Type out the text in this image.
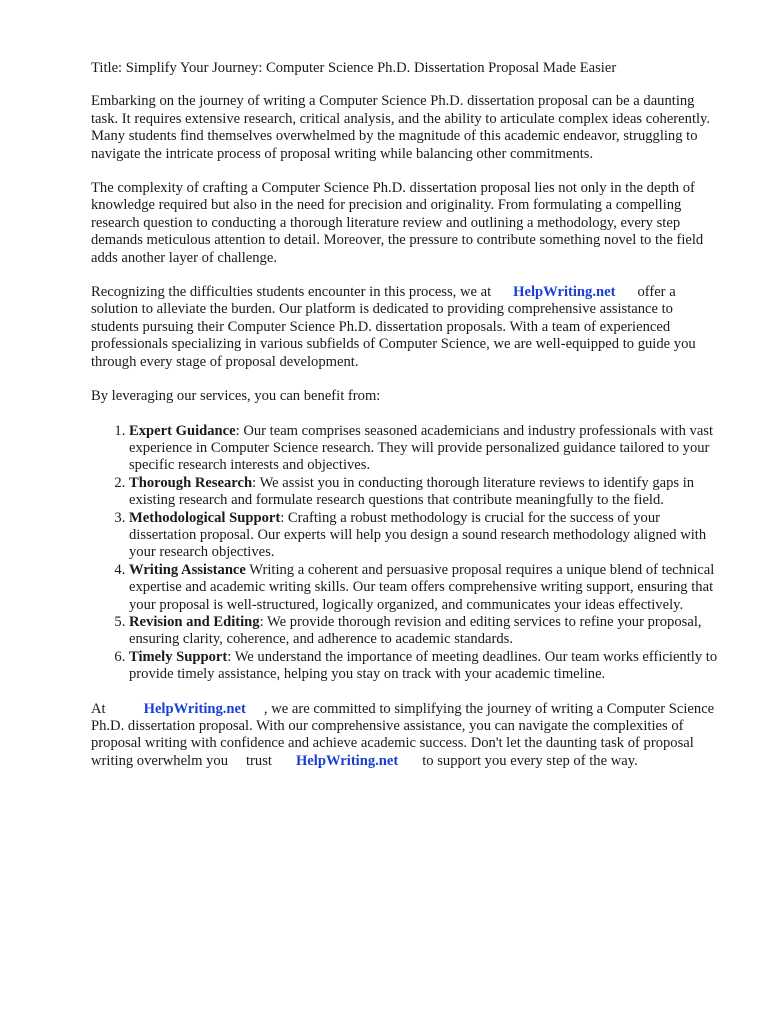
Title: Simplify Your Journey: Computer Science Ph.D. Dissertation Proposal Made Easier

Embarking on the journey of writing a Computer Science Ph.D. dissertation proposal can be a daunting task. It requires extensive research, critical analysis, and the ability to articulate complex ideas coherently. Many students find themselves overwhelmed by the magnitude of this academic endeavor, struggling to navigate the intricate process of proposal writing while balancing other commitments.

The complexity of crafting a Computer Science Ph.D. dissertation proposal lies not only in the depth of knowledge required but also in the need for precision and originality. From formulating a compelling research question to conducting a thorough literature review and outlining a methodology, every step demands meticulous attention to detail. Moreover, the pressure to contribute something novel to the field adds another layer of challenge.

Recognizing the difficulties students encounter in this process, we at HelpWriting.net offer a solution to alleviate the burden. Our platform is dedicated to providing comprehensive assistance to students pursuing their Computer Science Ph.D. dissertation proposals. With a team of experienced professionals specializing in various subfields of Computer Science, we are well-equipped to guide you through every stage of proposal development.

By leveraging our services, you can benefit from:

1. Expert Guidance: Our team comprises seasoned academicians and industry professionals with vast experience in Computer Science research. They will provide personalized guidance tailored to your specific research interests and objectives.
2. Thorough Research: We assist you in conducting thorough literature reviews to identify gaps in existing research and formulate research questions that contribute meaningfully to the field.
3. Methodological Support: Crafting a robust methodology is crucial for the success of your dissertation proposal. Our experts will help you design a sound research methodology aligned with your research objectives.
4. Writing Assistance Writing a coherent and persuasive proposal requires a unique blend of technical expertise and academic writing skills. Our team offers comprehensive writing support, ensuring that your proposal is well-structured, logically organized, and communicates your ideas effectively.
5. Revision and Editing: We provide thorough revision and editing services to refine your proposal, ensuring clarity, coherence, and adherence to academic standards.
6. Timely Support: We understand the importance of meeting deadlines. Our team works efficiently to provide timely assistance, helping you stay on track with your academic timeline.

At	HelpWriting.net , we are committed to simplifying the journey of writing a Computer Science Ph.D. dissertation proposal. With our comprehensive assistance, you can navigate the complexities of proposal writing with confidence and achieve academic success. Don't let the daunting task of proposal writing overwhelm you trust HelpWriting.net to support you every step of the way.
